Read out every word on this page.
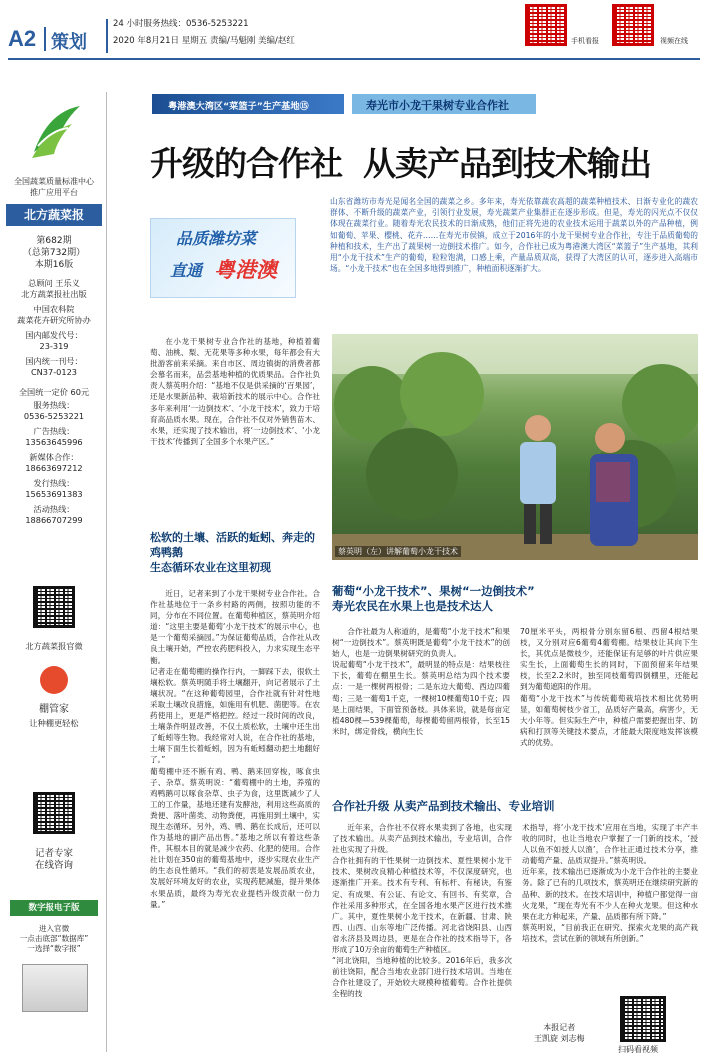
A2 策划
24 小时服务热线：0536-5253221
2020 年8月21日 星期五 责编/马魁刚 美编/赵红	手机看报	视频在线
全国蔬菜质量标准中心
推广应用平台
北方蔬菜报
第682期
（总第732期）
本期16版
总顾问 王乐义
北方蔬菜报社出版
中国农科院
蔬菜花卉研究所协办
国内邮发代号：
23-319
国内统一刊号：
CN37-0123
全国统一定价 60元
服务热线：
0536-5253221
广告热线：
13563645996
新媒体合作：
18663697212
发行热线：
15653691383
活动热线：
18866707299
北方蔬菜报官微
棚管家
让种棚更轻松
记者专家
在线咨询
数字报电子版
进入官微
一点击底部“数据库”
一选择“数字报”
粤港澳大湾区“菜篮子”生产基地⑮	寿光市小龙干果树专业合作社
升级的合作社  从卖产品到技术输出
品质潍坊菜
直通 粤港澳
山东省潍坊市寿光是闻名全国的蔬菜之乡。多年来，寿光依靠蔬农高超的蔬菜种植技术、日渐专业化的蔬农群体、不断升级的蔬菜产业，引领行业发展，寿光蔬菜产业集群正在逐步形成。但是，寿光的闪光点不仅仅体现在蔬菜行业。随着寿光农民技术的日渐成熟，他们正将先进的农业技术运用于蔬菜以外的产品种植，例如葡萄、苹果、樱桃、花卉……在寿光市侯镇，成立于2016年的小龙干果树专业合作社，专注于品质葡萄的种植和技术，生产出了蔬果树一边倒技术推广。如今，合作社已成为粤港澳大湾区“菜篮子”生产基地，其利用“小龙干技术”生产的葡萄，粒粒饱满，口感上乘，产量品质双高，获得了大湾区的认可，逐步进入高端市场。“小龙干技术”也在全国多地得到推广，种植面积逐渐扩大。
在小龙干果树专业合作社的基地，种植着葡萄、油桃、梨、无花果等多种水果，每年都会有大批游客前来采摘。来自市区、周边镇街的消费者都会慕名而来，品尝基地种植的优质果品。合作社负责人蔡英明介绍：“基地不仅是供采摘的‘百果园’，还是水果新品种、栽培新技术的展示中心。合作社多年来利用‘一边倒技术’、‘小龙干技术’，致力于培育高品质水果。现在，合作社不仅对外销售苗木、水果，还实现了技术输出，将‘一边倒技术’、‘小龙干技术’传播到了全国多个水果产区。”
松软的土壤、活跃的蚯蚓、奔走的鸡鸭鹅
生态循环农业在这里初现
近日，记者来到了小龙干果树专业合作社。合作社基地位于一条乡村路的两侧，按照功能的不同，分布在不同位置。在葡萄种植区，蔡英明介绍道：“这里主要是葡萄‘小龙干技术’的展示中心，也是一个葡萄采摘园。”为保证葡萄品质，合作社从改良土壤开始，严控农药肥料投入，力求实现生态平衡。
记者走在葡萄棚的操作行内，一脚踩下去，很软土壤松软。蔡英明随手将土壤翻开，向记者展示了土壤状况。“在这种葡萄园里，合作社就有针对性地采取土壤改良措施，如施用有机肥、菌肥等。在农药使用上，更是严格把控。经过一段时间的改良，土壤条件明显改善，不仅土质松软，土壤中还生出了蚯蚓等生物。我经常对人说，在合作社的基地，土壤下面生长着蚯蚓，因为有蚯蚓翻动把土地翻好了。”
葡萄棚中还不断有鸡、鸭、鹅来回穿梭，啄食虫子、杂草。蔡英明说：“葡萄棚中的土地，养殖的鸡鸭鹅可以啄食杂草、虫子为食，这里既减少了人工的工作量，基地还建有发酵池，利用这些高质的粪便、落叶菌类、动物粪便，再施用到土壤中，实现生态循环。另外，鸡、鸭、鹅在长成后，还可以作为基地的副产品出售。”基地之所以有着这些条件，其根本目的就是减少农药、化肥的使用。合作社计划在350亩的葡萄基地中，逐步实现农业生产的生态良性循环。“我们的初衷是发展品质农业，发展好环境友好的农业，实现药肥减施，提升果体水果品质，最终为寿光农业提档升级贡献一份力量。”
蔡英明（左）讲解葡萄小龙干技术
葡萄“小龙干技术”、果树“一边倒技术”
寿光农民在水果上也是技术达人
合作社最为人称道的，是葡萄“小龙干技术”和果树“一边倒技术”。蔡英明既是葡萄“小龙干技术”的创始人，也是一边倒果树研究的负责人。
说起葡萄“小龙干技术”，最明显的特点是：结果枝往下长，葡萄在棚里生长。蔡英明总结为四个技术要点：一是一棵树两根骨；二是东边大葡萄、西边四葡萄；三是一葡萄1千克，一棵树10棵葡萄10千克；四是上面结果，下面管预备枝。具体来说，就是每亩定植480棵—539棵葡萄，每棵葡萄留两根骨，长至15米时，绑定骨线，横向生长
70厘米平头，两根骨分别东留6根、西留4根结果枝，又分别对应6葡萄4葡萄棚。结果枝让其向下生长，其优点是微枝少，还能保证有足够的叶片供应果实生长，上面葡萄生长的同时，下面预留来年结果枝，长至2.2米时，独至同枝葡萄四倒棚里，还能起到为葡萄遮阳的作用。
葡萄“小龙干技术”与传统葡萄栽培技术相比优势明显，如葡萄树枝少省工，品质好产量高，病害少，无大小年等。但实际生产中，种植户需要把握出芽、防病和打顶等关键技术要点，才能最大限度地发挥该模式的优势。
合作社升级 从卖产品到技术输出、专业培训
近年来，合作社不仅将水果卖到了各地，也实现了技术输出。从卖产品到技术输出，专业培训，合作社也实现了升级。
合作社拥有的干性果树一边倒技术、夏性果树小龙干技术、果树改良精心种植技术等，不仅深度研究，也逐渐推广开来。技术有专利、有标杆、有秘诀，有鉴定、有成果、有公证、有论文、有回书、有奖章，合作社采用多种形式，在全国各地水果产区进行技术推广。其中，夏性果树小龙干技术，在新疆、甘肃、陕西、山西、山东等地广泛传播。河北省饶阳县、山西省永济县及周边县，更是在合作社的技术指导下，各形成了10万余亩的葡萄生产种植区。
“河北饶阳，当地种植的比较多。2016年后，我多次前往饶阳，配合当地农业部门进行技术培训。当地在合作社建设了，开始较大规模种植葡萄。合作社提供全程的技
术指导，将‘小龙干技术’应用在当地，实现了丰产丰收的同时，也让当地农户掌握了一门新的技术，‘授人以鱼不如授人以渔’，合作社正通过技术分享，推动葡萄产量、品质双提升。”蔡英明说。
近年来，技术输出已逐渐成为小龙干合作社的主要业务。除了已有的几项技术，蔡英明还在继续研究新的品种、新的技术。在技术培训中，种植户都觉得一亩火龙果，“现在寿光有不少人在种火龙果。但这种水果在北方种起来，产量、品质都有所下降。”
蔡英明说，“目前我正在研究、探索火龙果的高产栽培技术，尝试在新的领域有所创新。”
本报记者
王凯旋 刘志梅
扫码看视频
